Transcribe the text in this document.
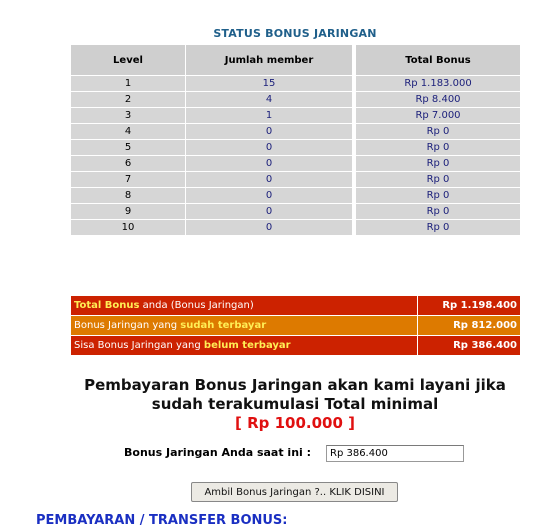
STATUS BONUS JARINGAN
Level	Jumlah member		Total Bonus
1	15		Rp 1.183.000
2	4		Rp 8.400
3	1		Rp 7.000
4	0		Rp 0
5	0		Rp 0
6	0		Rp 0
7	0		Rp 0
8	0		Rp 0
9	0		Rp 0
10	0		Rp 0
Total Bonus anda (Bonus Jaringan)	Rp 1.198.400
Bonus Jaringan yang sudah terbayar	Rp 812.000
Sisa Bonus Jaringan yang belum terbayar	Rp 386.400
Pembayaran Bonus Jaringan akan kami layani jika
sudah terakumulasi Total minimal
[ Rp 100.000 ]
Bonus Jaringan Anda saat ini :
Rp 386.400
Ambil Bonus Jaringan ?.. KLIK DISINI
PEMBAYARAN / TRANSFER BONUS:
